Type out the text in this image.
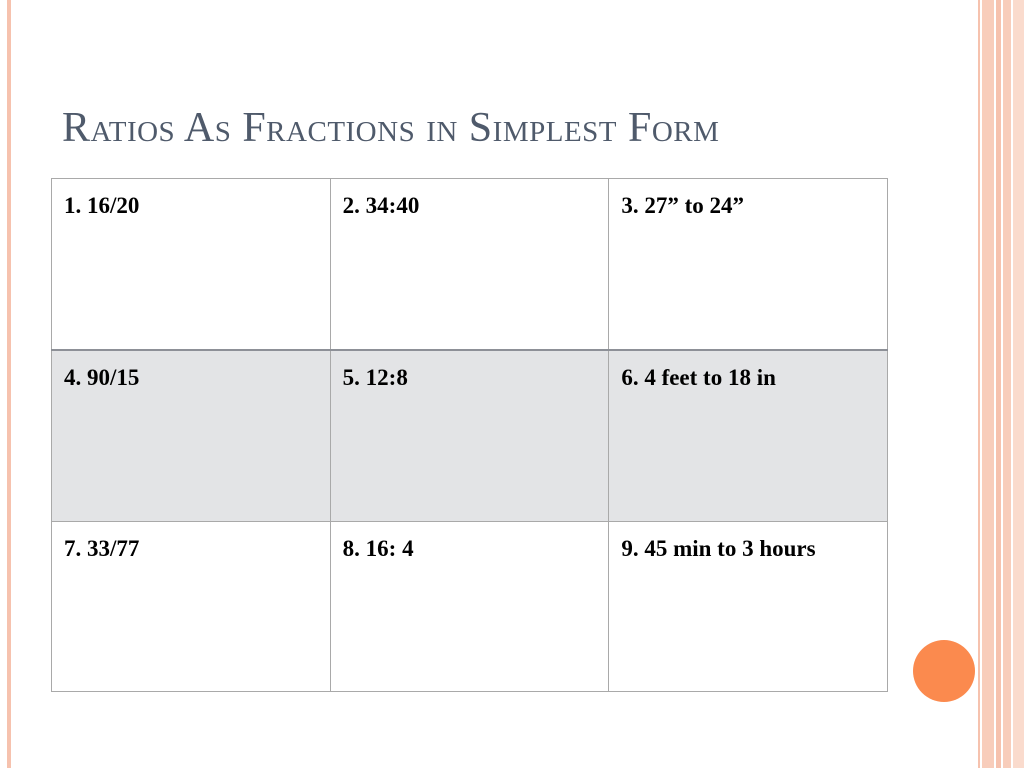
Ratios As Fractions in Simplest Form
1. 16/20	2. 34:40	3. 27” to 24”
4. 90/15	5. 12:8	6. 4 feet to 18 in
7. 33/77	8. 16: 4	9. 45 min to 3 hours
